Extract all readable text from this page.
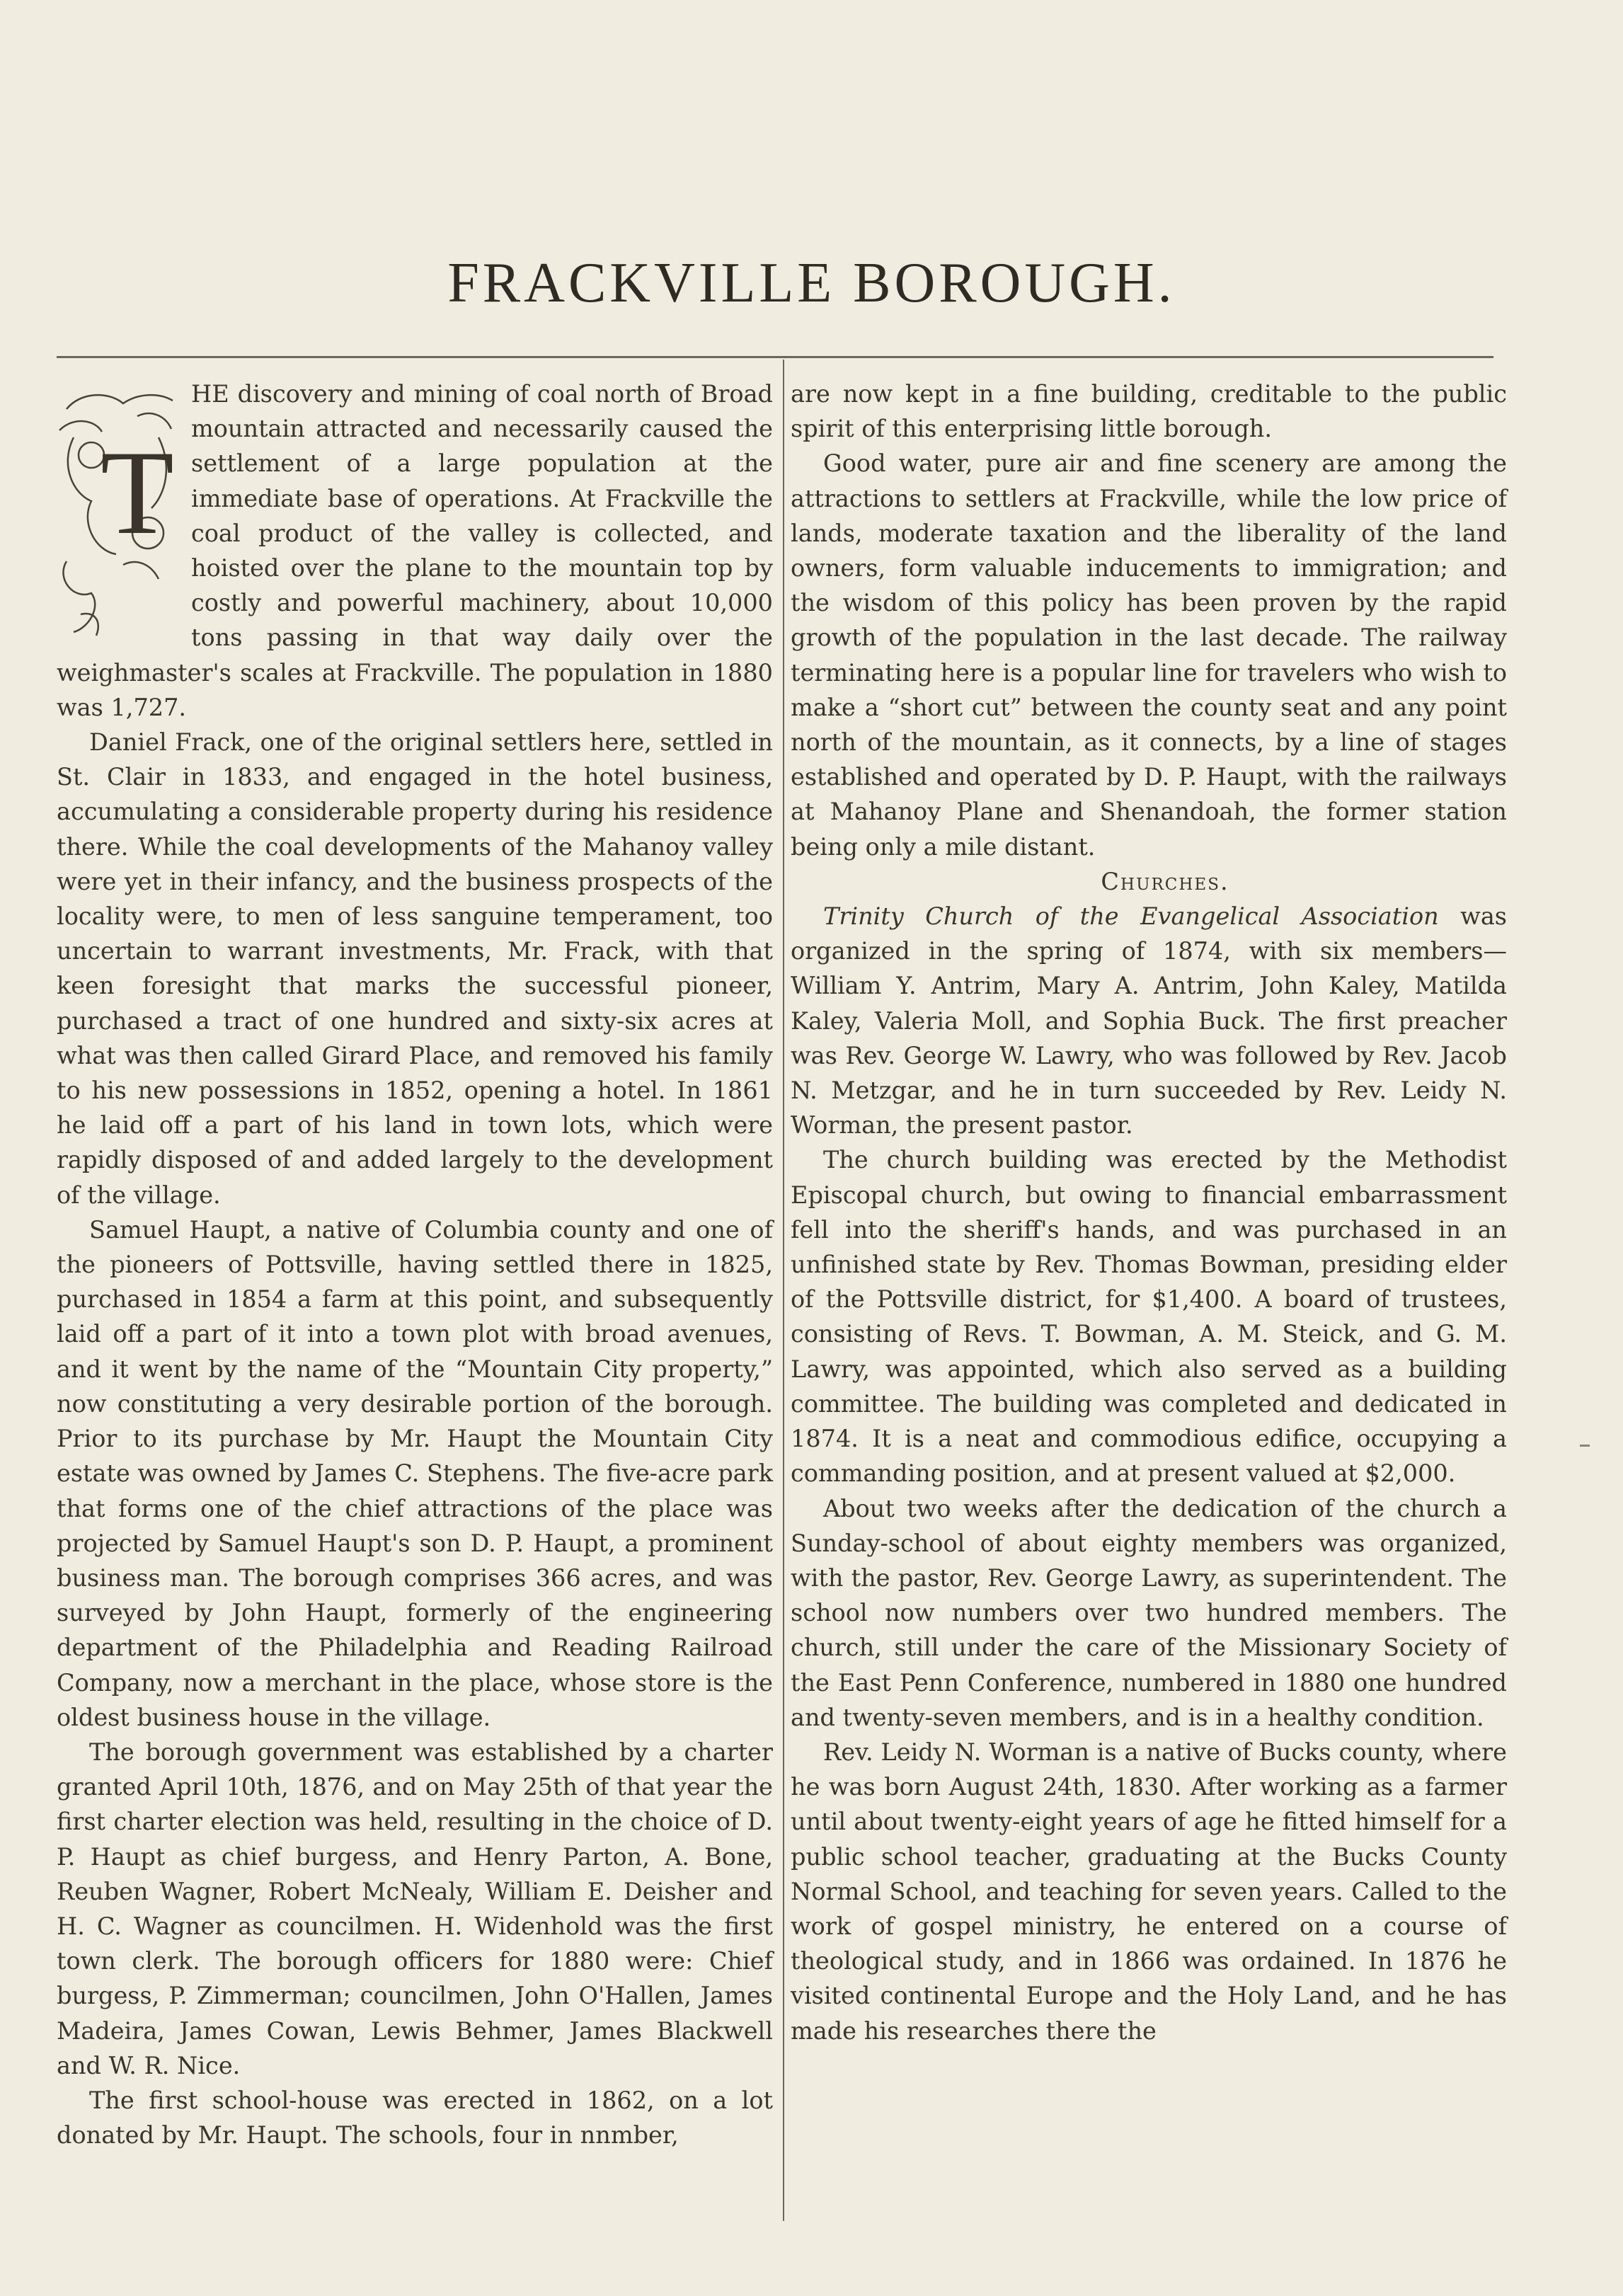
FRACKVILLE BOROUGH.
T

HE discovery and mining of coal north of Broad mountain attracted and necessarily caused the settlement of a large population at the immediate base of operations. At Frackville the coal product of the valley is collected, and hoisted over the plane to the mountain top by costly and powerful machinery, about 10,000 tons passing in that way daily over the weighmaster's scales at Frackville. The population in 1880 was 1,727.

Daniel Frack, one of the original settlers here, settled in St. Clair in 1833, and engaged in the hotel business, accumulating a considerable property during his residence there. While the coal developments of the Mahanoy valley were yet in their infancy, and the business prospects of the locality were, to men of less sanguine temperament, too uncertain to warrant investments, Mr. Frack, with that keen foresight that marks the successful pioneer, purchased a tract of one hundred and sixty-six acres at what was then called Girard Place, and removed his family to his new possessions in 1852, opening a hotel. In 1861 he laid off a part of his land in town lots, which were rapidly disposed of and added largely to the development of the village.

Samuel Haupt, a native of Columbia county and one of the pioneers of Pottsville, having settled there in 1825, purchased in 1854 a farm at this point, and subsequently laid off a part of it into a town plot with broad avenues, and it went by the name of the “Mountain City property,” now constituting a very desirable portion of the borough. Prior to its purchase by Mr. Haupt the Mountain City estate was owned by James C. Stephens. The five-acre park that forms one of the chief attractions of the place was projected by Samuel Haupt's son D. P. Haupt, a prominent business man. The borough comprises 366 acres, and was surveyed by John Haupt, formerly of the engineering department of the Philadelphia and Reading Railroad Company, now a merchant in the place, whose store is the oldest business house in the village.

The borough government was established by a charter granted April 10th, 1876, and on May 25th of that year the first charter election was held, resulting in the choice of D. P. Haupt as chief burgess, and Henry Parton, A. Bone, Reuben Wagner, Robert McNealy, William E. Deisher and H. C. Wagner as councilmen. H. Widenhold was the first town clerk. The borough officers for 1880 were: Chief burgess, P. Zimmerman; councilmen, John O'Hallen, James Madeira, James Cowan, Lewis Behmer, James Blackwell and W. R. Nice.

The first school-house was erected in 1862, on a lot donated by Mr. Haupt. The schools, four in nnmber,

are now kept in a fine building, creditable to the public spirit of this enterprising little borough.

Good water, pure air and fine scenery are among the attractions to settlers at Frackville, while the low price of lands, moderate taxation and the liberality of the land owners, form valuable inducements to immigration; and the wisdom of this policy has been proven by the rapid growth of the population in the last decade. The railway terminating here is a popular line for travelers who wish to make a “short cut” between the county seat and any point north of the mountain, as it connects, by a line of stages established and operated by D. P. Haupt, with the railways at Mahanoy Plane and Shenandoah, the former station being only a mile distant.

Churches.

Trinity Church of the Evangelical Association was organized in the spring of 1874, with six members—William Y. Antrim, Mary A. Antrim, John Kaley, Matilda Kaley, Valeria Moll, and Sophia Buck. The first preacher was Rev. George W. Lawry, who was followed by Rev. Jacob N. Metzgar, and he in turn succeeded by Rev. Leidy N. Worman, the present pastor.

The church building was erected by the Methodist Episcopal church, but owing to financial embarrassment fell into the sheriff's hands, and was purchased in an unfinished state by Rev. Thomas Bowman, presiding elder of the Pottsville district, for $1,400. A board of trustees, consisting of Revs. T. Bowman, A. M. Steick, and G. M. Lawry, was appointed, which also served as a building committee. The building was completed and dedicated in 1874. It is a neat and commodious edifice, occupying a commanding position, and at present valued at $2,000.

About two weeks after the dedication of the church a Sunday-school of about eighty members was organized, with the pastor, Rev. George Lawry, as superintendent. The school now numbers over two hundred members. The church, still under the care of the Missionary Society of the East Penn Conference, numbered in 1880 one hundred and twenty-seven members, and is in a healthy condition.

Rev. Leidy N. Worman is a native of Bucks county, where he was born August 24th, 1830. After working as a farmer until about twenty-eight years of age he fitted himself for a public school teacher, graduating at the Bucks County Normal School, and teaching for seven years. Called to the work of gospel ministry, he entered on a course of theological study, and in 1866 was ordained. In 1876 he visited continental Europe and the Holy Land, and he has made his researches there the
